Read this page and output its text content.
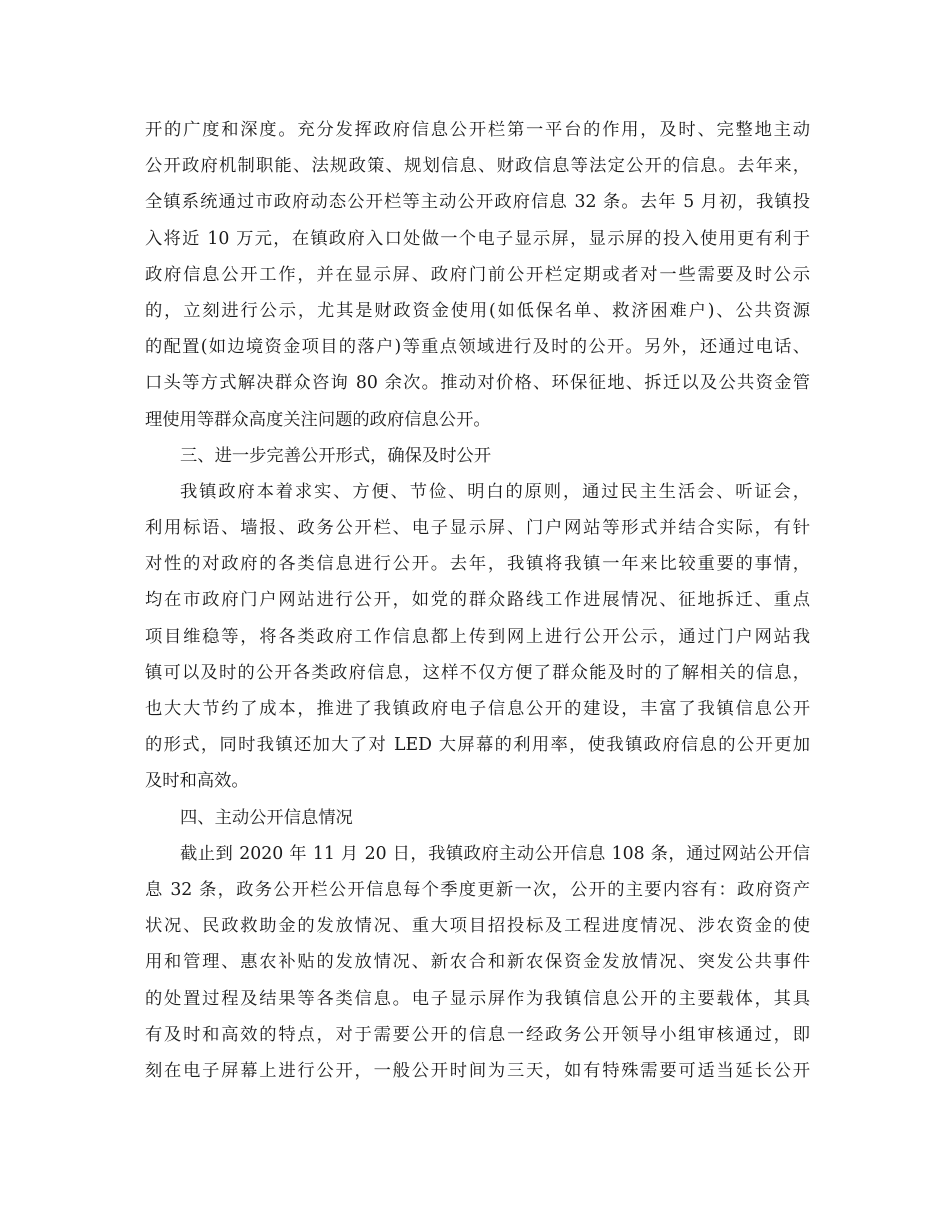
开的广度和深度。充分发挥政府信息公开栏第一平台的作用，及时、完整地主动
公开政府机制职能、法规政策、规划信息、财政信息等法定公开的信息。去年来，
全镇系统通过市政府动态公开栏等主动公开政府信息 32 条。去年 5 月初，我镇投
入将近 10 万元，在镇政府入口处做一个电子显示屏，显示屏的投入使用更有利于
政府信息公开工作，并在显示屏、政府门前公开栏定期或者对一些需要及时公示
的，立刻进行公示，尤其是财政资金使用(如低保名单、救济困难户)、公共资源
的配置(如边境资金项目的落户)等重点领域进行及时的公开。另外，还通过电话、
口头等方式解决群众咨询 80 余次。推动对价格、环保征地、拆迁以及公共资金管
理使用等群众高度关注问题的政府信息公开。
三、进一步完善公开形式，确保及时公开
我镇政府本着求实、方便、节俭、明白的原则，通过民主生活会、听证会，
利用标语、墙报、政务公开栏、电子显示屏、门户网站等形式并结合实际，有针
对性的对政府的各类信息进行公开。去年，我镇将我镇一年来比较重要的事情，
均在市政府门户网站进行公开，如党的群众路线工作进展情况、征地拆迁、重点
项目维稳等，将各类政府工作信息都上传到网上进行公开公示，通过门户网站我
镇可以及时的公开各类政府信息，这样不仅方便了群众能及时的了解相关的信息，
也大大节约了成本，推进了我镇政府电子信息公开的建设，丰富了我镇信息公开
的形式，同时我镇还加大了对 LED 大屏幕的利用率，使我镇政府信息的公开更加
及时和高效。
四、主动公开信息情况
截止到 2020 年 11 月 20 日，我镇政府主动公开信息 108 条，通过网站公开信
息 32 条，政务公开栏公开信息每个季度更新一次，公开的主要内容有：政府资产
状况、民政救助金的发放情况、重大项目招投标及工程进度情况、涉农资金的使
用和管理、惠农补贴的发放情况、新农合和新农保资金发放情况、突发公共事件
的处置过程及结果等各类信息。电子显示屏作为我镇信息公开的主要载体，其具
有及时和高效的特点，对于需要公开的信息一经政务公开领导小组审核通过，即
刻在电子屏幕上进行公开，一般公开时间为三天，如有特殊需要可适当延长公开
